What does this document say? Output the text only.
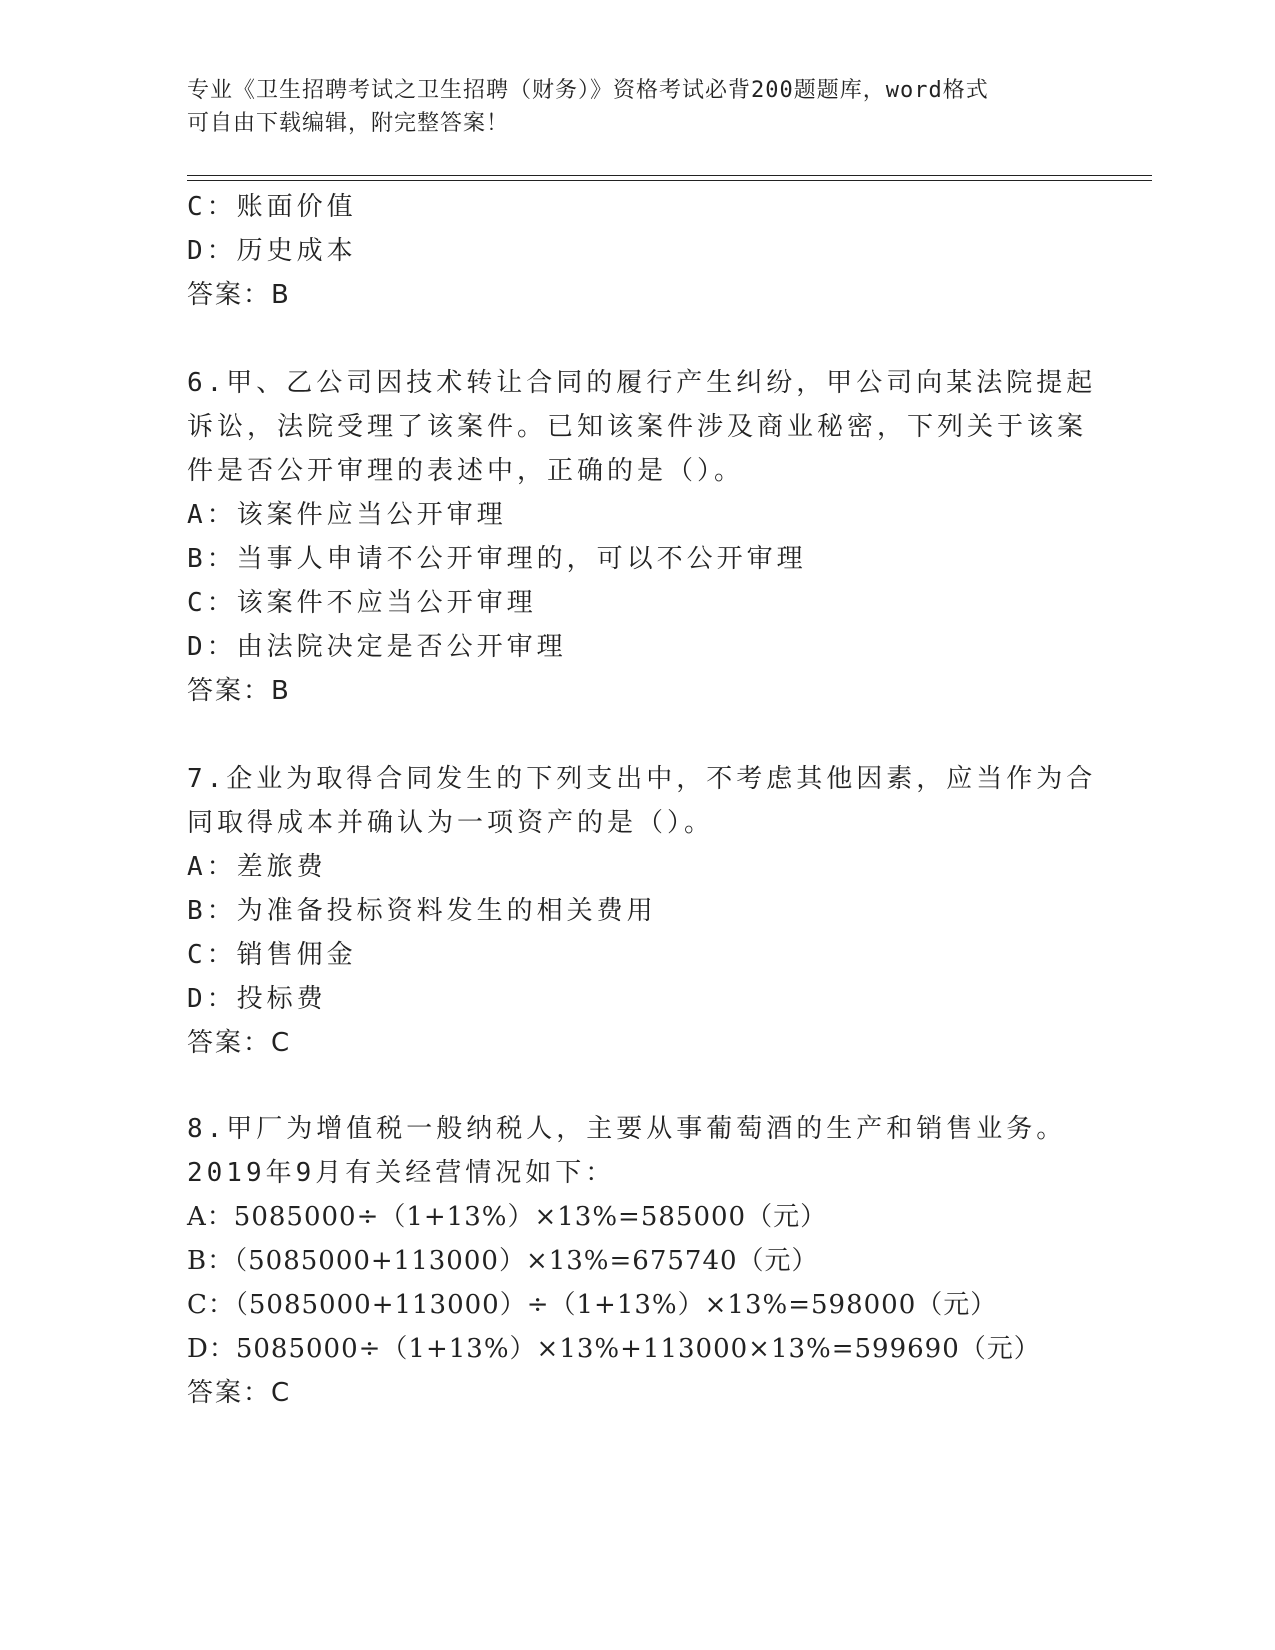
专业《卫生招聘考试之卫生招聘（财务）》资格考试必背200题题库，word格式
可自由下载编辑，附完整答案！
C：账面价值
D：历史成本
答案：B
6.甲、乙公司因技术转让合同的履行产生纠纷，甲公司向某法院提起
诉讼，法院受理了该案件。已知该案件涉及商业秘密，下列关于该案
件是否公开审理的表述中，正确的是（）。
A：该案件应当公开审理
B：当事人申请不公开审理的，可以不公开审理
C：该案件不应当公开审理
D：由法院决定是否公开审理
答案：B
7.企业为取得合同发生的下列支出中，不考虑其他因素，应当作为合
同取得成本并确认为一项资产的是（）。
A：差旅费
B：为准备投标资料发生的相关费用
C：销售佣金
D：投标费
答案：C
8.甲厂为增值税一般纳税人，主要从事葡萄酒的生产和销售业务。
2019年9月有关经营情况如下：
A：5085000÷（1+13%）×13%=585000（元）
B：（5085000+113000）×13%=675740（元）
C：（5085000+113000）÷（1+13%）×13%=598000（元）
D：5085000÷（1+13%）×13%+113000×13%=599690（元）
答案：C
